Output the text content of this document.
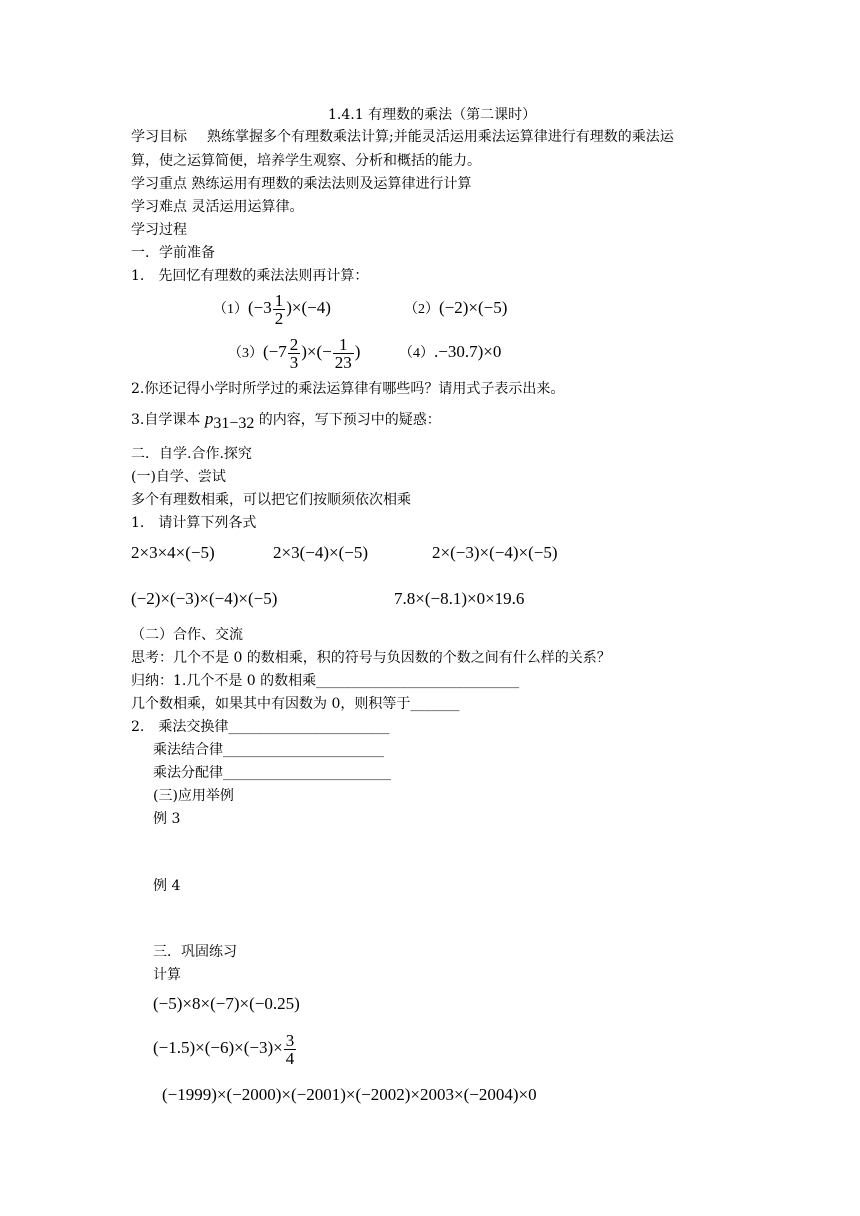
1.4.1 有理数的乘法（第二课时）
学习目标 熟练掌握多个有理数乘法计算;并能灵活运用乘法运算律进行有理数的乘法运
算，使之运算简便，培养学生观察、分析和概括的能力。
学习重点 熟练运用有理数的乘法法则及运算律进行计算
学习难点 灵活运用运算律。
学习过程
一．学前准备
1.　先回忆有理数的乘法法则再计算：
$(1)(-3 \frac{1}{2} )\times(-4)$	（2）(−2)×(−5)
$(3)(-7 \frac{2}{3}$ )×(− $\frac{1}{23}$ )	（4）.−30.7)×0
2.你还记得小学时所学过的乘法运算律有哪些吗？请用式子表示出来。
3.自学课本 $p_{31-32}$ 的内容，写下预习中的疑惑：
二．自学.合作.探究
(一)自学、尝试
多个有理数相乘，可以把它们按顺须依次相乘
1.　请计算下列各式
2×3×4×(−5)	2×3(−4)×(−5)	2×(−3)×(−4)×(−5)
(−2)×(−3)×(−4)×(−5)	7.8×(−8.1)×0×19.6
（二）合作、交流
思考：几个不是 0 的数相乘，积的符号与负因数的个数之间有什么样的关系？
归纳：1.几个不是 0 的数相乘_____________________________
几个数相乘，如果其中有因数为 0，则积等于_______
2.　乘法交换律_______________________
乘法结合律_______________________
乘法分配律________________________
(三)应用举例
例 3
例 4
三．巩固练习
计算
(−5)×8×(−7)×(−0.25)
$(-1.5)\times(-6)\times(-3)\times \frac{3}{4}$
(−1999)×(−2000)×(−2001)×(−2002)×2003×(−2004)×0
